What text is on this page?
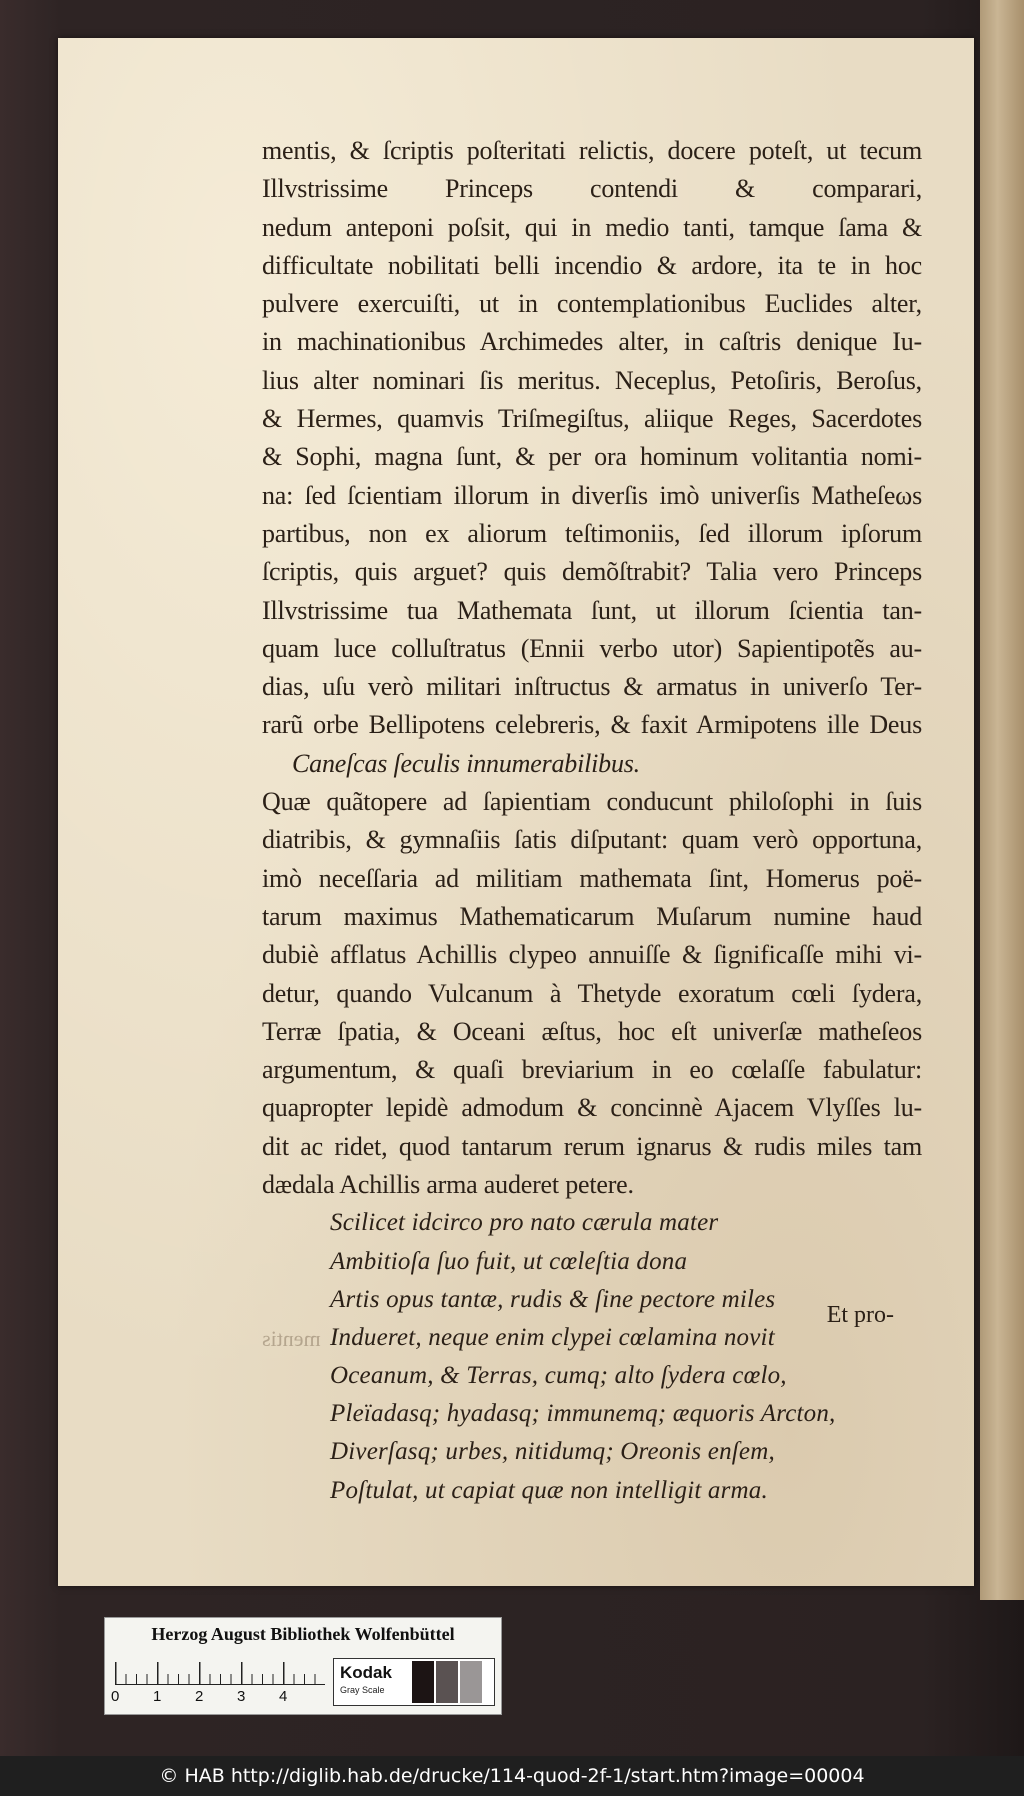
mentis, & ſcriptis poſteritati relictis, docere poteſt, ut tecum
Illvstrissime Princeps contendi & comparari,
nedum anteponi poſsit, qui in medio tanti, tamque ſama &
difficultate nobilitati belli incendio & ardore, ita te in hoc
pulvere exercuiſti, ut in contemplationibus Euclides alter,
in machinationibus Archimedes alter, in caſtris denique Iu-
lius alter nominari ſis meritus. Neceplus, Petoſiris, Beroſus,
& Hermes, quamvis Triſmegiſtus, aliique Reges, Sacerdotes
& Sophi, magna ſunt, & per ora hominum volitantia nomi-
na: ſed ſcientiam illorum in diverſis imò univerſis Matheſeωs
partibus, non ex aliorum teſtimoniis, ſed illorum ipſorum
ſcriptis, quis arguet? quis demõſtrabit? Talia vero Princeps
Illvstrissime tua Mathemata ſunt, ut illorum ſcientia tan-
quam luce colluſtratus (Ennii verbo utor) Sapientipotẽs au-
dias, uſu verò militari inſtructus & armatus in univerſo Ter-
rarũ orbe Bellipotens celebreris, & faxit Armipotens ille Deus
Caneſcas ſeculis innumerabilibus.
Quæ quãtopere ad ſapientiam conducunt philoſophi in ſuis
diatribis, & gymnaſiis ſatis diſputant: quam verò opportuna,
imò neceſſaria ad militiam mathemata ſint, Homerus poë-
tarum maximus Mathematicarum Muſarum numine haud
dubiè afflatus Achillis clypeo annuiſſe & ſignificaſſe mihi vi-
detur, quando Vulcanum à Thetyde exoratum cœli ſydera,
Terræ ſpatia, & Oceani æſtus, hoc eſt univerſæ matheſeos
argumentum, & quaſi breviarium in eo cœlaſſe fabulatur:
quapropter lepidè admodum & concinnè Ajacem Vlyſſes lu-
dit ac ridet, quod tantarum rerum ignarus & rudis miles tam
dædala Achillis arma auderet petere.
Scilicet idcirco pro nato cærula mater
Ambitioſa ſuo fuit, ut cœleſtia dona
Artis opus tantæ, rudis & ſine pectore miles
Indueret, neque enim clypei cœlamina novit
Oceanum, & Terras, cumq; alto ſydera cœlo,
Pleïadasq; hyadasq; immunemq; æquoris Arcton,
Diverſasq; urbes, nitidumq; Oreonis enſem,
Poſtulat, ut capiat quæ non intelligit arma.
Et pro-
mentis
Herzog August Bibliothek Wolfenbüttel
0 1 2 3 4
Kodak
Gray Scale
© HAB http://diglib.hab.de/drucke/114-quod-2f-1/start.htm?image=00004
